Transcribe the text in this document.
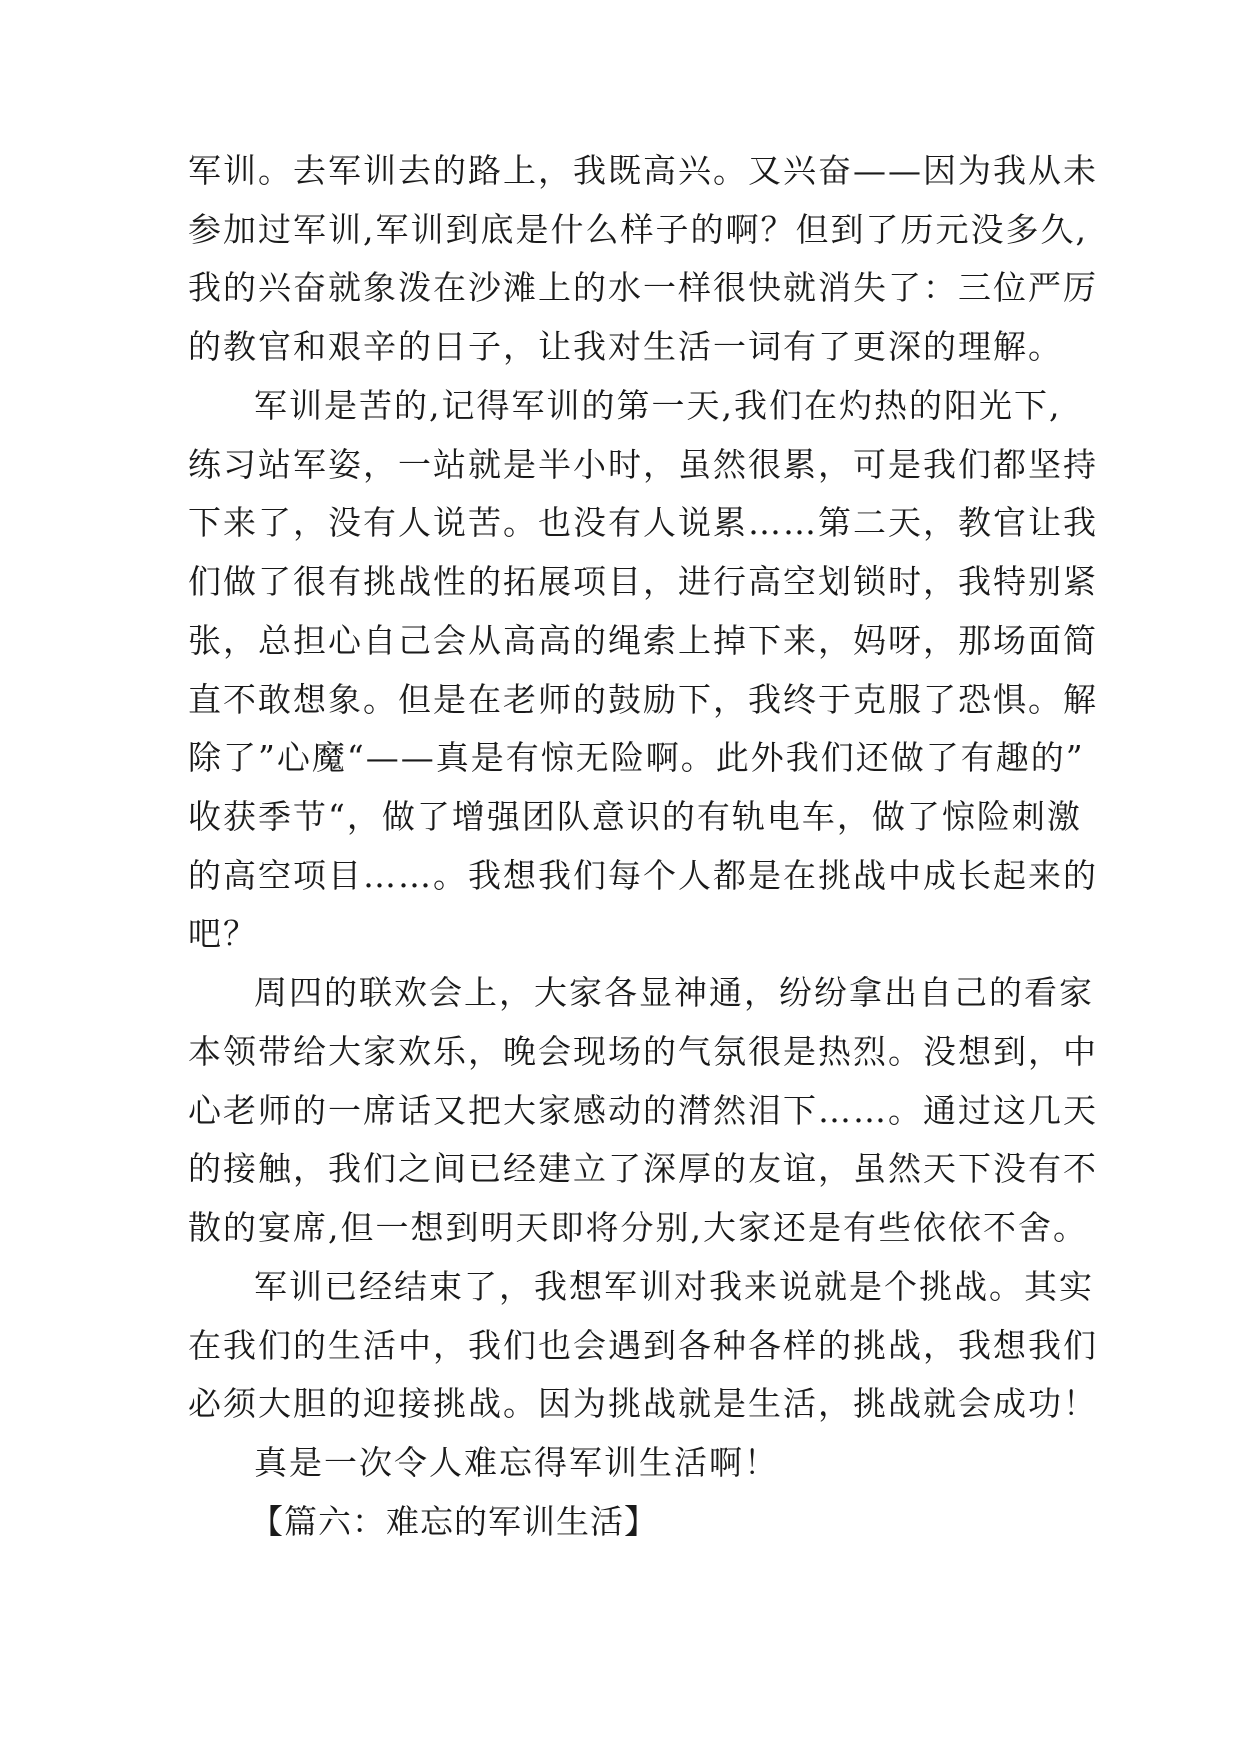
军训。去军训去的路上，我既高兴。又兴奋——因为我从未
参加过军训,军训到底是什么样子的啊？但到了历元没多久,
我的兴奋就象泼在沙滩上的水一样很快就消失了：三位严厉
的教官和艰辛的日子，让我对生活一词有了更深的理解。
军训是苦的,记得军训的第一天,我们在灼热的阳光下,
练习站军姿，一站就是半小时，虽然很累，可是我们都坚持
下来了，没有人说苦。也没有人说累……第二天，教官让我
们做了很有挑战性的拓展项目，进行高空划锁时，我特别紧
张，总担心自己会从高高的绳索上掉下来，妈呀，那场面简
直不敢想象。但是在老师的鼓励下，我终于克服了恐惧。解
除了”心魔“——真是有惊无险啊。此外我们还做了有趣的”
收获季节“，做了增强团队意识的有轨电车，做了惊险刺激
的高空项目……。我想我们每个人都是在挑战中成长起来的
吧？
周四的联欢会上，大家各显神通，纷纷拿出自己的看家
本领带给大家欢乐，晚会现场的气氛很是热烈。没想到，中
心老师的一席话又把大家感动的潸然泪下……。通过这几天
的接触，我们之间已经建立了深厚的友谊，虽然天下没有不
散的宴席,但一想到明天即将分别,大家还是有些依依不舍。
军训已经结束了，我想军训对我来说就是个挑战。其实
在我们的生活中，我们也会遇到各种各样的挑战，我想我们
必须大胆的迎接挑战。因为挑战就是生活，挑战就会成功！
真是一次令人难忘得军训生活啊！
【篇六：难忘的军训生活】
